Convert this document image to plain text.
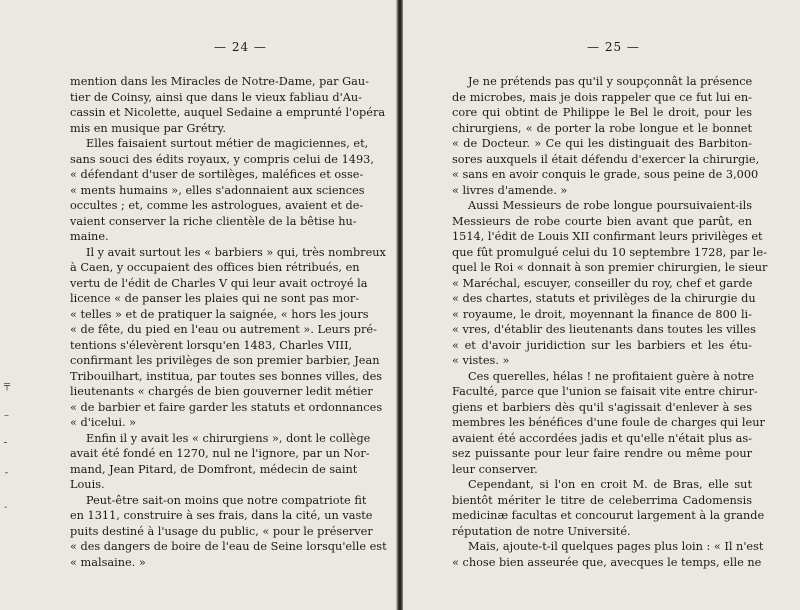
— 24 —
mention dans les Miracles de Notre-Dame, par Gau-
tier de Coinsy, ainsi que dans le vieux fabliau d'Au-
cassin et Nicolette, auquel Sedaine a emprunté l'opéra
mis en musique par Grétry.
Elles faisaient surtout métier de magiciennes, et,
sans souci des édits royaux, y compris celui de 1493,
« défendant d'user de sortilèges, maléfices et osse-
« ments humains », elles s'adonnaient aux sciences
occultes ; et, comme les astrologues, avaient et de-
vaient conserver la riche clientèle de la bêtise hu-
maine.
Il y avait surtout les « barbiers » qui, très nombreux
à Caen, y occupaient des offices bien rétribués, en
vertu de l'édit de Charles V qui leur avait octroyé la
licence « de panser les plaies qui ne sont pas mor-
« telles » et de pratiquer la saignée, « hors les jours
« de fête, du pied en l'eau ou autrement ». Leurs pré-
tentions s'élevèrent lorsqu'en 1483, Charles VIII,
confirmant les privilèges de son premier barbier, Jean
Tribouilhart, institua, par toutes ses bonnes villes, des
lieutenants « chargés de bien gouverner ledit métier
« de barbier et faire garder les statuts et ordonnances
« d'icelui. »
Enfin il y avait les « chirurgiens », dont le collège
avait été fondé en 1270, nul ne l'ignore, par un Nor-
mand, Jean Pitard, de Domfront, médecin de saint
Louis.
Peut-être sait-on moins que notre compatriote fit
en 1311, construire à ses frais, dans la cité, un vaste
puits destiné à l'usage du public, « pour le préserver
« des dangers de boire de l'eau de Seine lorsqu'elle est
« malsaine. »
╤
–
╴
¯
-
— 25 —
Je ne prétends pas qu'il y soupçonnât la présence
de microbes, mais je dois rappeler que ce fut lui en-
core qui obtint de Philippe le Bel le droit, pour les
chirurgiens, « de porter la robe longue et le bonnet
« de Docteur. » Ce qui les distinguait des Barbiton-
sores auxquels il était défendu d'exercer la chirurgie,
« sans en avoir conquis le grade, sous peine de 3,000
« livres d'amende. »
Aussi Messieurs de robe longue poursuivaient-ils
Messieurs de robe courte bien avant que parût, en
1514, l'édit de Louis XII confirmant leurs privilèges et
que fût promulgué celui du 10 septembre 1728, par le-
quel le Roi « donnait à son premier chirurgien, le sieur
« Maréchal, escuyer, conseiller du roy, chef et garde
« des chartes, statuts et privilèges de la chirurgie du
« royaume, le droit, moyennant la finance de 800 li-
« vres, d'établir des lieutenants dans toutes les villes
« et d'avoir juridiction sur les barbiers et les étu-
« vistes. »
Ces querelles, hélas ! ne profitaient guère à notre
Faculté, parce que l'union se faisait vite entre chirur-
giens et barbiers dès qu'il s'agissait d'enlever à ses
membres les bénéfices d'une foule de charges qui leur
avaient été accordées jadis et qu'elle n'était plus as-
sez puissante pour leur faire rendre ou même pour
leur conserver.
Cependant, si l'on en croit M. de Bras, elle sut
bientôt mériter le titre de celeberrima Cadomensis
medicinæ facultas et concourut largement à la grande
réputation de notre Université.
Mais, ajoute-t-il quelques pages plus loin : « Il n'est
« chose bien asseurée que, avecques le temps, elle ne
